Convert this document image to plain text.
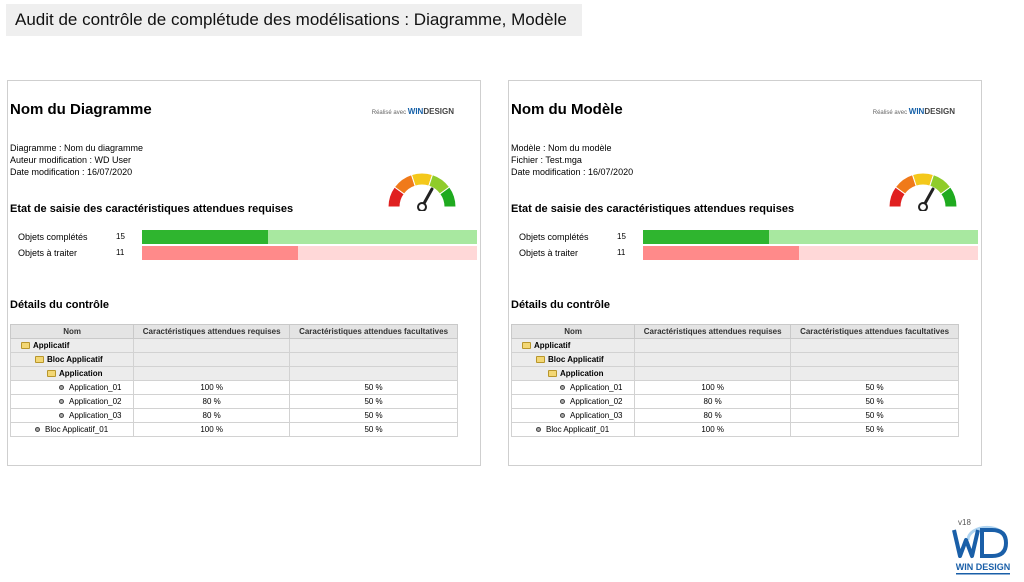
Audit de contrôle de complétude des modélisations : Diagramme, Modèle
Nom du Diagramme	Réalisé avec WINDESIGN
Diagramme : Nom du diagramme
Auteur modification : WD User
Date modification : 16/07/2020
Etat de saisie des caractéristiques attendues requises
Objets complétés	15
Objets à traiter	11
Détails du contrôle
Nom	Caractéristiques attendues requises	Caractéristiques attendues facultatives
Applicatif		
Bloc Applicatif		
Application		
Application_01	100 %	50 %
Application_02	80 %	50 %
Application_03	80 %	50 %
Bloc Applicatif_01	100 %	50 %
Nom du Modèle	Réalisé avec WINDESIGN
Modèle : Nom du modèle
Fichier : Test.mga
Date modification : 16/07/2020
Etat de saisie des caractéristiques attendues requises
Objets complétés	15
Objets à traiter	11
Détails du contrôle
Nom	Caractéristiques attendues requises	Caractéristiques attendues facultatives
Applicatif		
Bloc Applicatif		
Application		
Application_01	100 %	50 %
Application_02	80 %	50 %
Application_03	80 %	50 %
Bloc Applicatif_01	100 %	50 %
v18
WIN DESIGN
